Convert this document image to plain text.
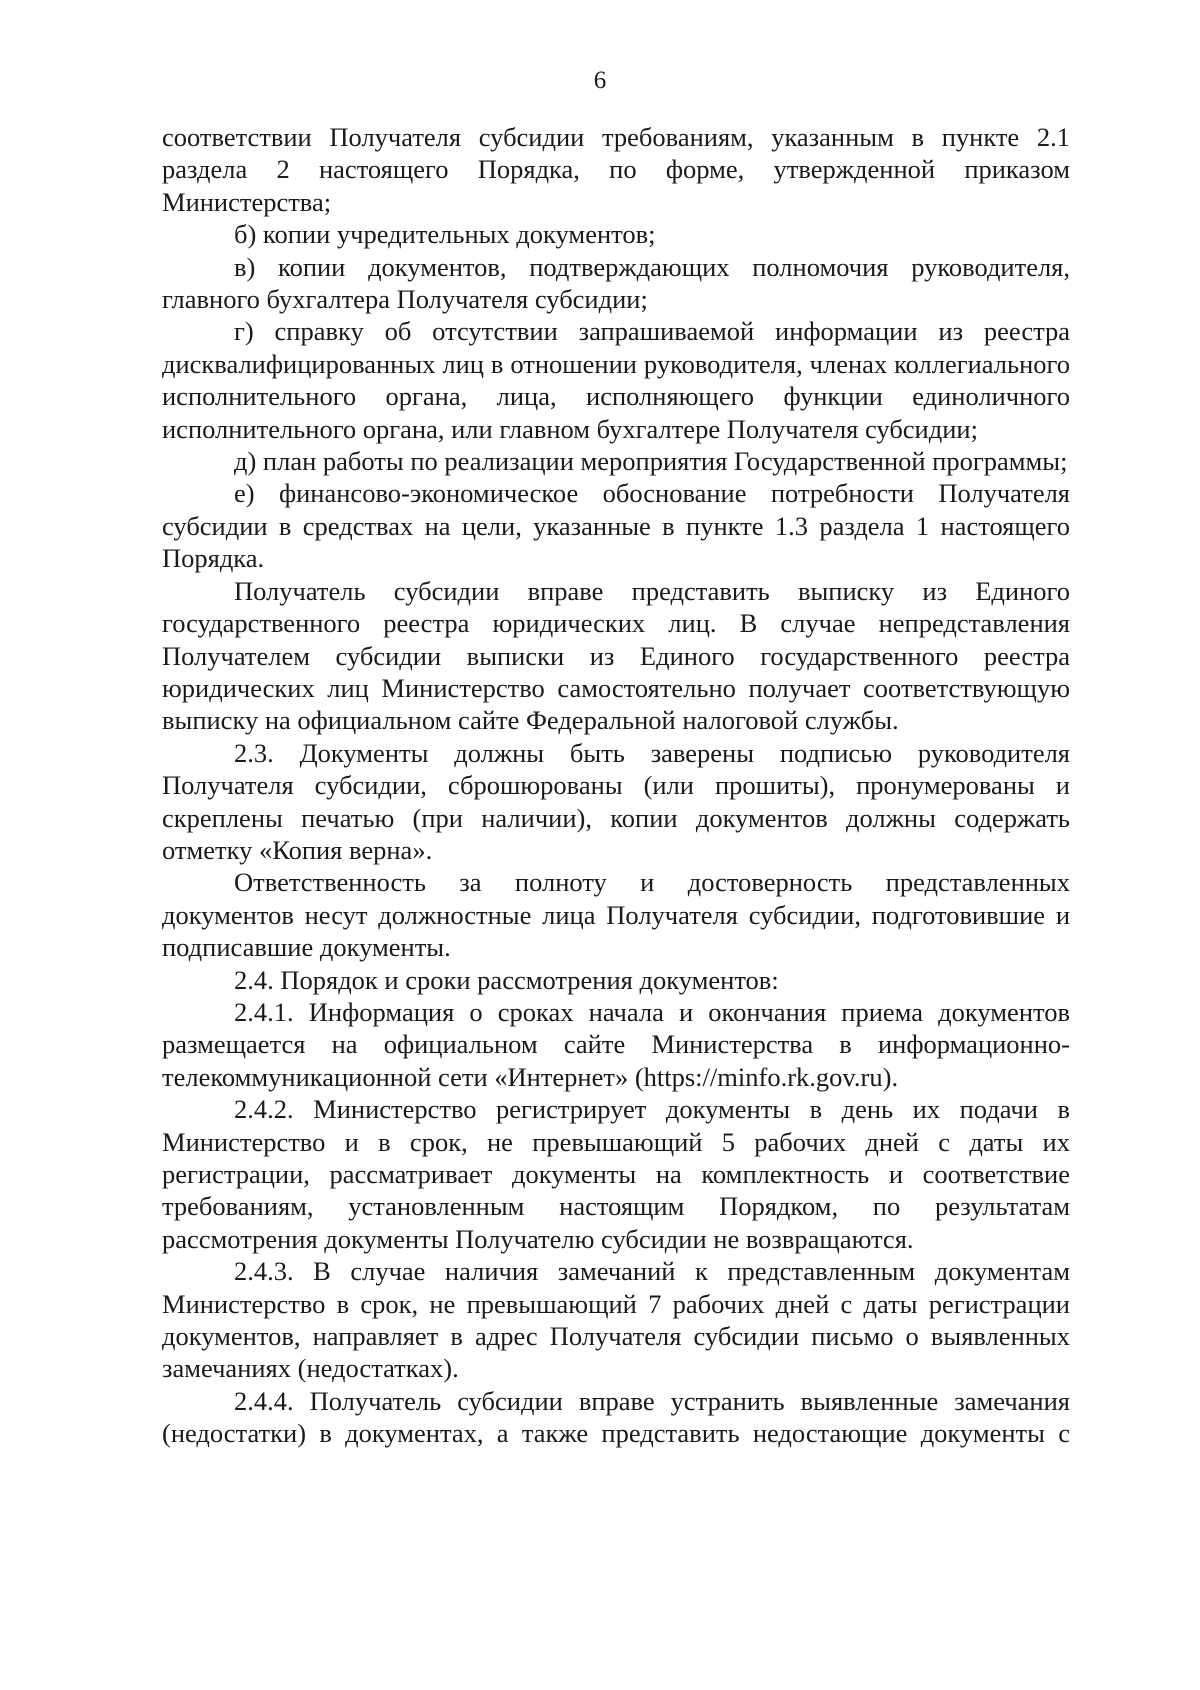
6

соответствии Получателя субсидии требованиям, указанным в пункте 2.1 раздела 2 настоящего Порядка, по форме, утвержденной приказом Министерства;

б) копии учредительных документов;

в) копии документов, подтверждающих полномочия руководителя, главного бухгалтера Получателя субсидии;

г) справку об отсутствии запрашиваемой информации из реестра дисквалифицированных лиц в отношении руководителя, членах коллегиального исполнительного органа, лица, исполняющего функции единоличного исполнительного органа, или главном бухгалтере Получателя субсидии;

д) план работы по реализации мероприятия Государственной программы;

е) финансово-экономическое обоснование потребности Получателя субсидии в средствах на цели, указанные в пункте 1.3 раздела 1 настоящего Порядка.

Получатель субсидии вправе представить выписку из Единого государственного реестра юридических лиц. В случае непредставления Получателем субсидии выписки из Единого государственного реестра юридических лиц Министерство самостоятельно получает соответствующую выписку на официальном сайте Федеральной налоговой службы.

2.3. Документы должны быть заверены подписью руководителя Получателя субсидии, сброшюрованы (или прошиты), пронумерованы и скреплены печатью (при наличии), копии документов должны содержать отметку «Копия верна».

Ответственность за полноту и достоверность представленных документов несут должностные лица Получателя субсидии, подготовившие и подписавшие документы.

2.4. Порядок и сроки рассмотрения документов:

2.4.1. Информация о сроках начала и окончания приема документов размещается на официальном сайте Министерства в информационно-телекоммуникационной сети «Интернет» (https://minfo.rk.gov.ru).

2.4.2. Министерство регистрирует документы в день их подачи в Министерство и в срок, не превышающий 5 рабочих дней с даты их регистрации, рассматривает документы на комплектность и соответствие требованиям, установленным настоящим Порядком, по результатам рассмотрения документы Получателю субсидии не возвращаются.

2.4.3. В случае наличия замечаний к представленным документам Министерство в срок, не превышающий 7 рабочих дней с даты регистрации документов, направляет в адрес Получателя субсидии письмо о выявленных замечаниях (недостатках).

2.4.4. Получатель субсидии вправе устранить выявленные замечания (недостатки) в документах, а также представить недостающие документы с
